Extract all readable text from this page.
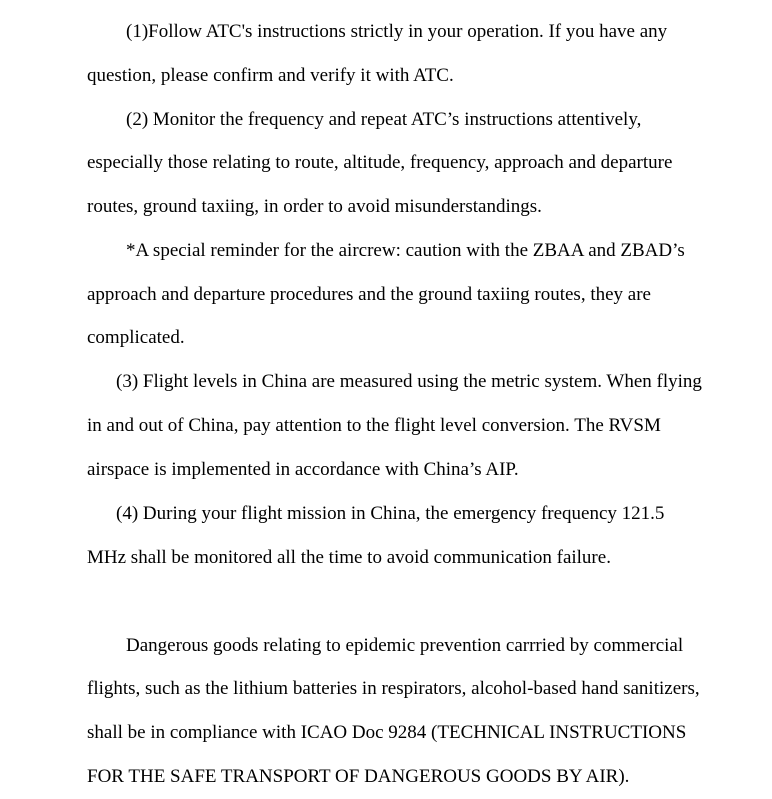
(1)Follow ATC's instructions strictly in your operation. If you have any

question, please confirm and verify it with ATC.

(2) Monitor the frequency and repeat ATC’s instructions attentively,

especially those relating to route, altitude, frequency, approach and departure

routes, ground taxiing, in order to avoid misunderstandings.

*A special reminder for the aircrew: caution with the ZBAA and ZBAD’s

approach and departure procedures and the ground taxiing routes, they are

complicated.

(3) Flight levels in China are measured using the metric system. When flying

in and out of China, pay attention to the flight level conversion. The RVSM

airspace is implemented in accordance with China’s AIP.

(4) During your flight mission in China, the emergency frequency 121.5

MHz shall be monitored all the time to avoid communication failure.

Dangerous goods relating to epidemic prevention carrried by commercial

flights, such as the lithium batteries in respirators, alcohol-based hand sanitizers,

shall be in compliance with ICAO Doc 9284 (TECHNICAL INSTRUCTIONS

FOR THE SAFE TRANSPORT OF DANGEROUS GOODS BY AIR).
